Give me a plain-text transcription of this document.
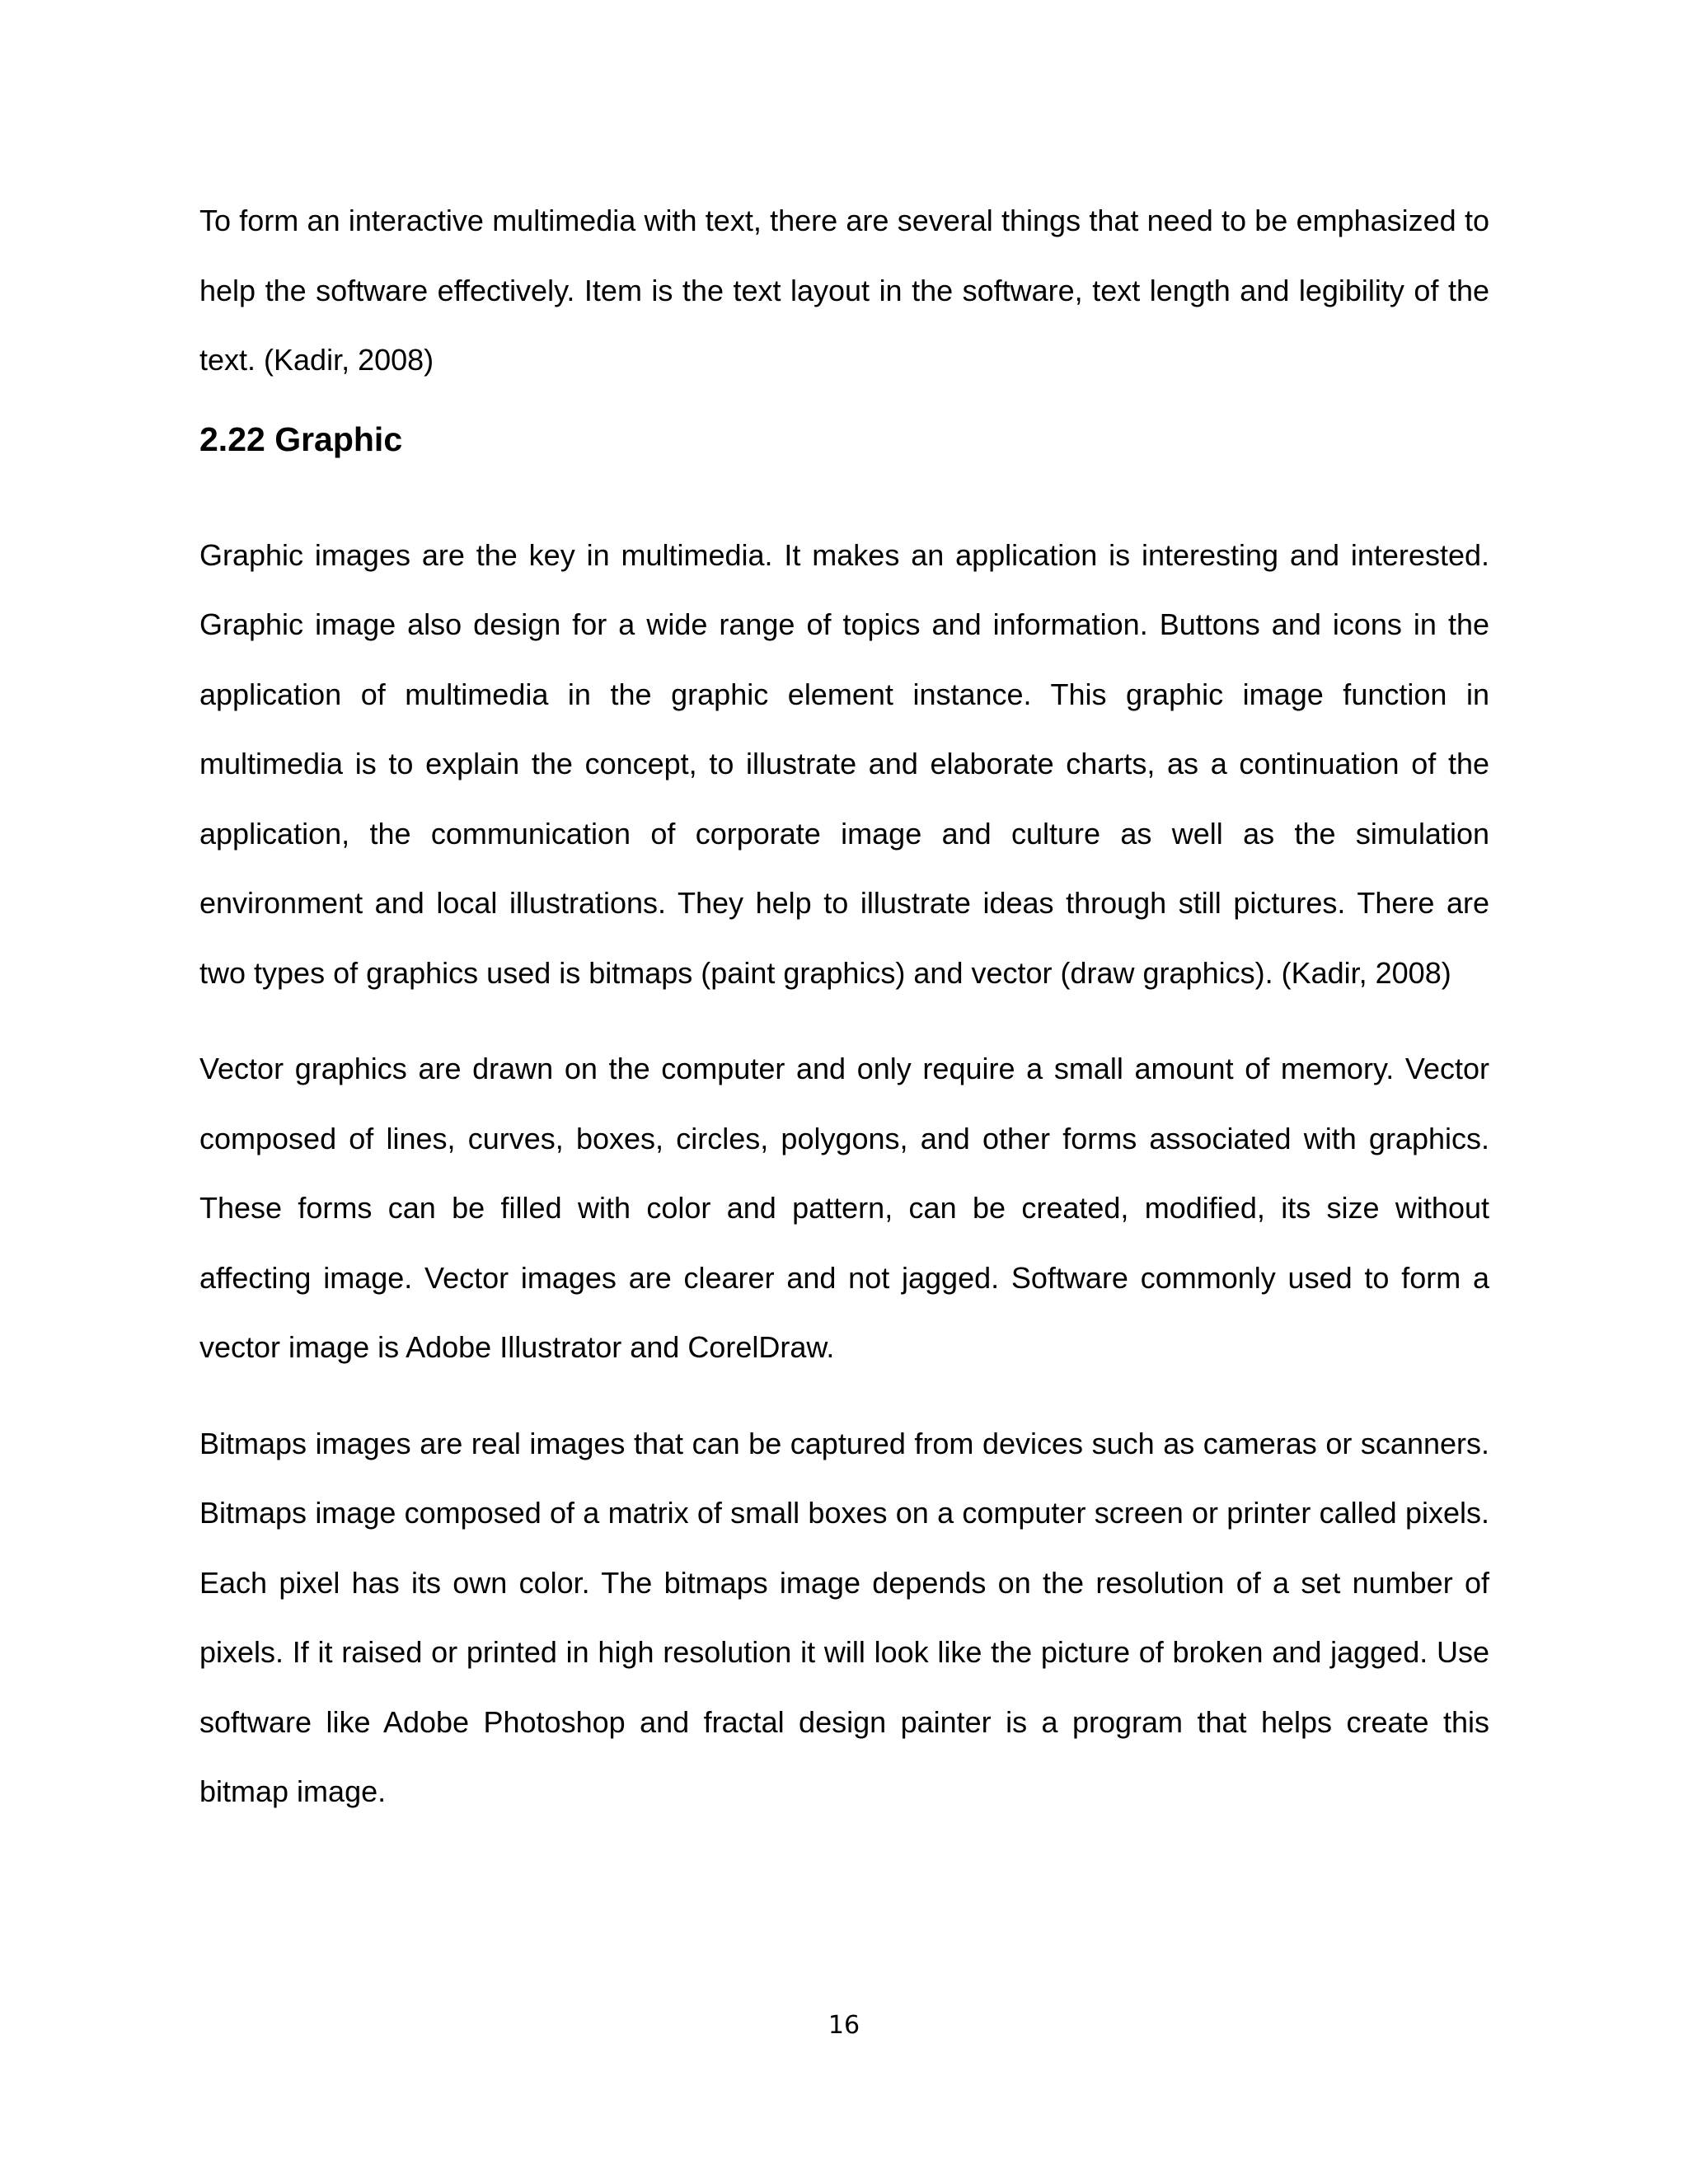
To form an interactive multimedia with text, there are several things that need to be emphasized to help the software effectively. Item is the text layout in the software, text length and legibility of the text. (Kadir, 2008)

2.22 Graphic

Graphic images are the key in multimedia. It makes an application is interesting and interested. Graphic image also design for a wide range of topics and information. Buttons and icons in the application of multimedia in the graphic element instance. This graphic image function in multimedia is to explain the concept, to illustrate and elaborate charts, as a continuation of the application, the communication of corporate image and culture as well as the simulation environment and local illustrations. They help to illustrate ideas through still pictures. There are two types of graphics used is bitmaps (paint graphics) and vector (draw graphics). (Kadir, 2008)

Vector graphics are drawn on the computer and only require a small amount of memory. Vector composed of lines, curves, boxes, circles, polygons, and other forms associated with graphics. These forms can be filled with color and pattern, can be created, modified, its size without affecting image. Vector images are clearer and not jagged. Software commonly used to form a vector image is Adobe Illustrator and CorelDraw.

Bitmaps images are real images that can be captured from devices such as cameras or scanners. Bitmaps image composed of a matrix of small boxes on a computer screen or printer called pixels. Each pixel has its own color. The bitmaps image depends on the resolution of a set number of pixels. If it raised or printed in high resolution it will look like the picture of broken and jagged. Use software like Adobe Photoshop and fractal design painter is a program that helps create this bitmap image.

16
